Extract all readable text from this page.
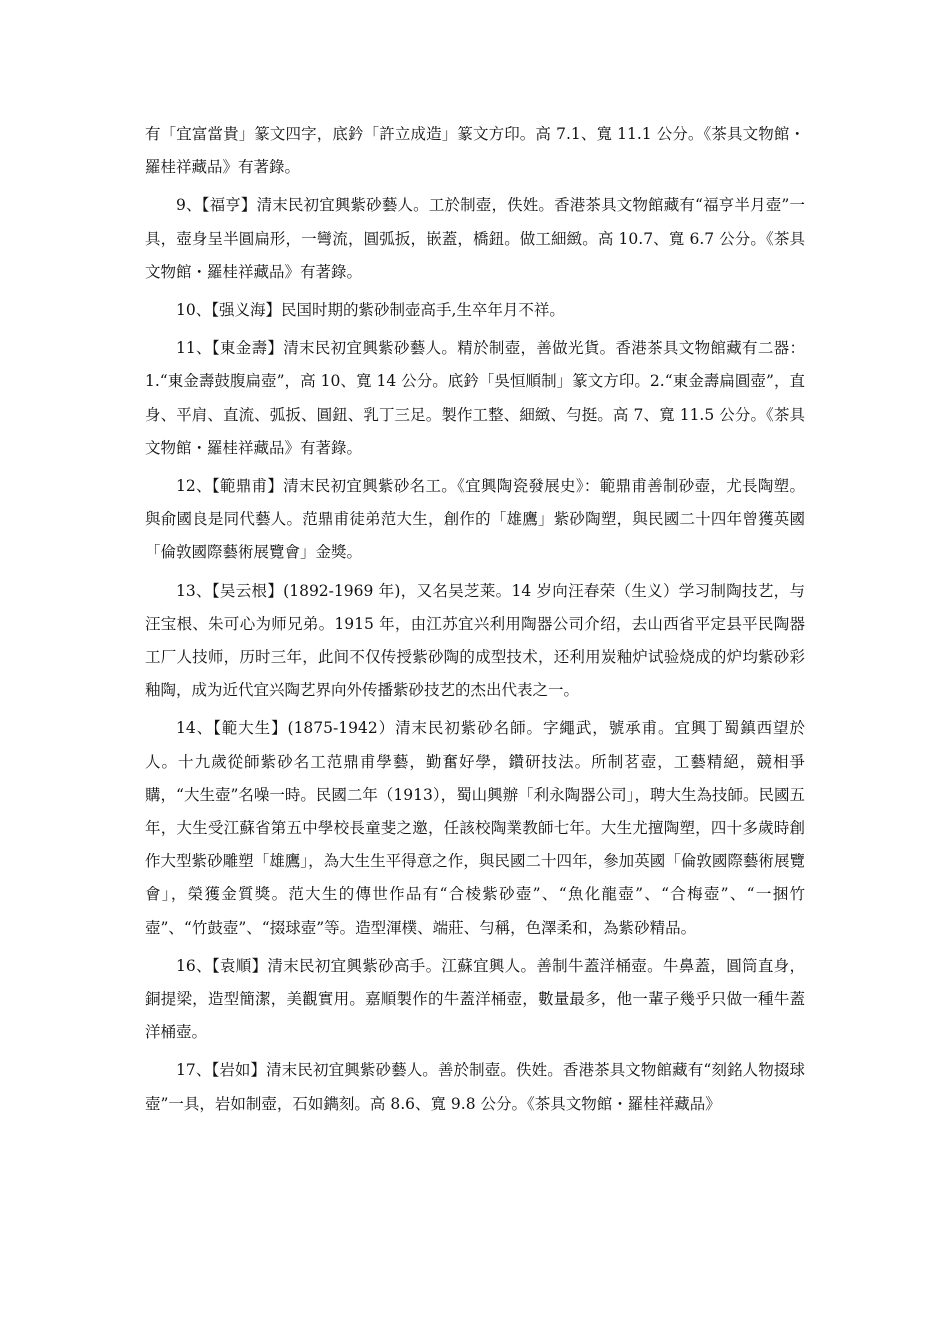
有「宜富當貴」篆文四字，底鈐「許立成造」篆文方印。高 7.1、寬 11.1 公分。《茶具文物館・羅桂祥藏品》有著錄。

9、【福亨】清末民初宜興紫砂藝人。工於制壺，佚姓。香港茶具文物館藏有“福亨半月壺”一具，壺身呈半圓扁形，一彎流，圓弧扳，嵌蓋，橋鈕。做工細緻。高 10.7、寬 6.7 公分。《茶具文物館・羅桂祥藏品》有著錄。

10、【强义海】民国时期的紫砂制壶高手,生卒年月不祥。

11、【東金壽】清末民初宜興紫砂藝人。精於制壺，善做光貨。香港茶具文物館藏有二器：1.“東金壽鼓腹扁壺”，高 10、寬 14 公分。底鈐「吳恒順制」篆文方印。2.“東金壽扁圓壺”，直身、平肩、直流、弧扳、圓鈕、乳丁三足。製作工整、細緻、勻挺。高 7、寬 11.5 公分。《茶具文物館・羅桂祥藏品》有著錄。

12、【範鼎甫】清末民初宜興紫砂名工。《宜興陶瓷發展史》：範鼎甫善制砂壺，尤長陶塑。與俞國良是同代藝人。范鼎甫徒弟范大生，創作的「雄鷹」紫砂陶塑，與民國二十四年曾獲英國「倫敦國際藝術展覽會」金獎。

13、【吴云根】(1892-1969 年)，又名吴芝莱。14 岁向汪春荣（生义）学习制陶技艺，与汪宝根、朱可心为师兄弟。1915 年，由江苏宜兴利用陶器公司介绍，去山西省平定县平民陶器工厂人技师，历时三年，此间不仅传授紫砂陶的成型技术，还利用炭釉炉试验烧成的炉均紫砂彩釉陶，成为近代宜兴陶艺界向外传播紫砂技艺的杰出代表之一。

14、【範大生】(1875-1942）清末民初紫砂名師。字繩武，號承甫。宜興丁蜀鎮西望於人。十九歲從師紫砂名工范鼎甫學藝，勤奮好學，鑽研技法。所制茗壺，工藝精絕，競相爭購，“大生壺”名噪一時。民國二年（1913），蜀山興辦「利永陶器公司」，聘大生為技師。民國五年，大生受江蘇省第五中學校長童斐之邀，任該校陶業教師七年。大生尤擅陶塑，四十多歲時創作大型紫砂雕塑「雄鷹」，為大生生平得意之作，與民國二十四年，參加英國「倫敦國際藝術展覽會」，榮獲金質獎。范大生的傳世作品有“合棱紫砂壺”、“魚化龍壺”、“合梅壺”、“一捆竹壺”、“竹鼓壺”、“掇球壺”等。造型渾樸、端莊、勻稱，色澤柔和，為紫砂精品。

16、【袁順】清末民初宜興紫砂高手。江蘇宜興人。善制牛蓋洋桶壺。牛鼻蓋，圓筒直身，銅提梁，造型簡潔，美觀實用。嘉順製作的牛蓋洋桶壺，數量最多，他一輩子幾乎只做一種牛蓋洋桶壺。

17、【岩如】清末民初宜興紫砂藝人。善於制壺。佚姓。香港茶具文物館藏有“刻銘人物掇球壺”一具，岩如制壺，石如鐫刻。高 8.6、寬 9.8 公分。《茶具文物館・羅桂祥藏品》
